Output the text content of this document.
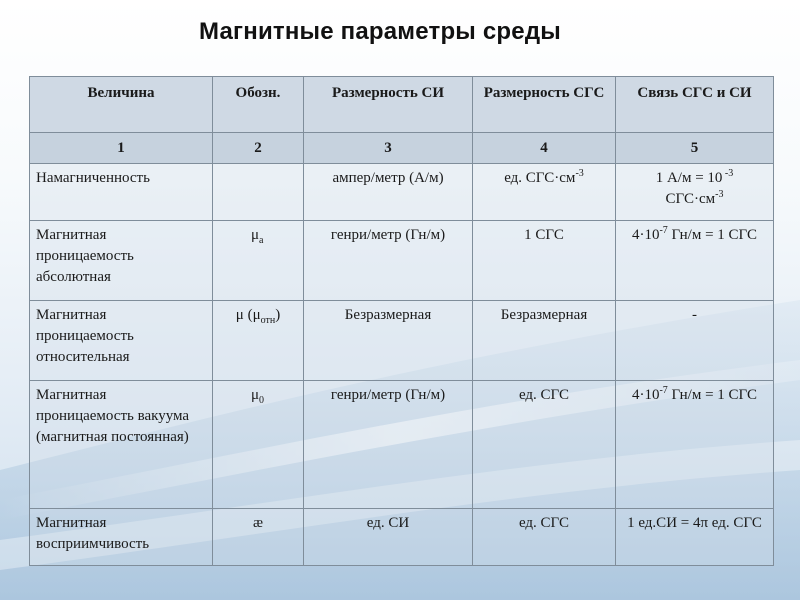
Магнитные параметры среды
Величина	Обозн.	Размерность СИ	Размерность СГС	Связь СГС и СИ
1	2	3	4	5
Намагниченность		ампер/метр (А/м)	ед. $СГС\cdot см^{-3}$	1 А/м = 10 $^{-3}$
$СГС\cdot см^{-3}$
Магнитная проницаемость абсолютная	$\mu_а$	генри/метр (Гн/м)	1 СГС	$4\cdot 10^{-7}$ Гн/м = 1 СГС
Магнитная проницаемость относительная	μ $(\mu_{отн})$	Безразмерная	Безразмерная	-
Магнитная проницаемость вакуума (магнитная постоянная)	$\mu_0$	генри/метр (Гн/м)	ед. СГС	$4\cdot 10^{-7}$ Гн/м = 1 СГС
Магнитная восприимчивость	æ	ед. СИ	ед. СГС	1 ед.СИ = 4π ед. СГС
